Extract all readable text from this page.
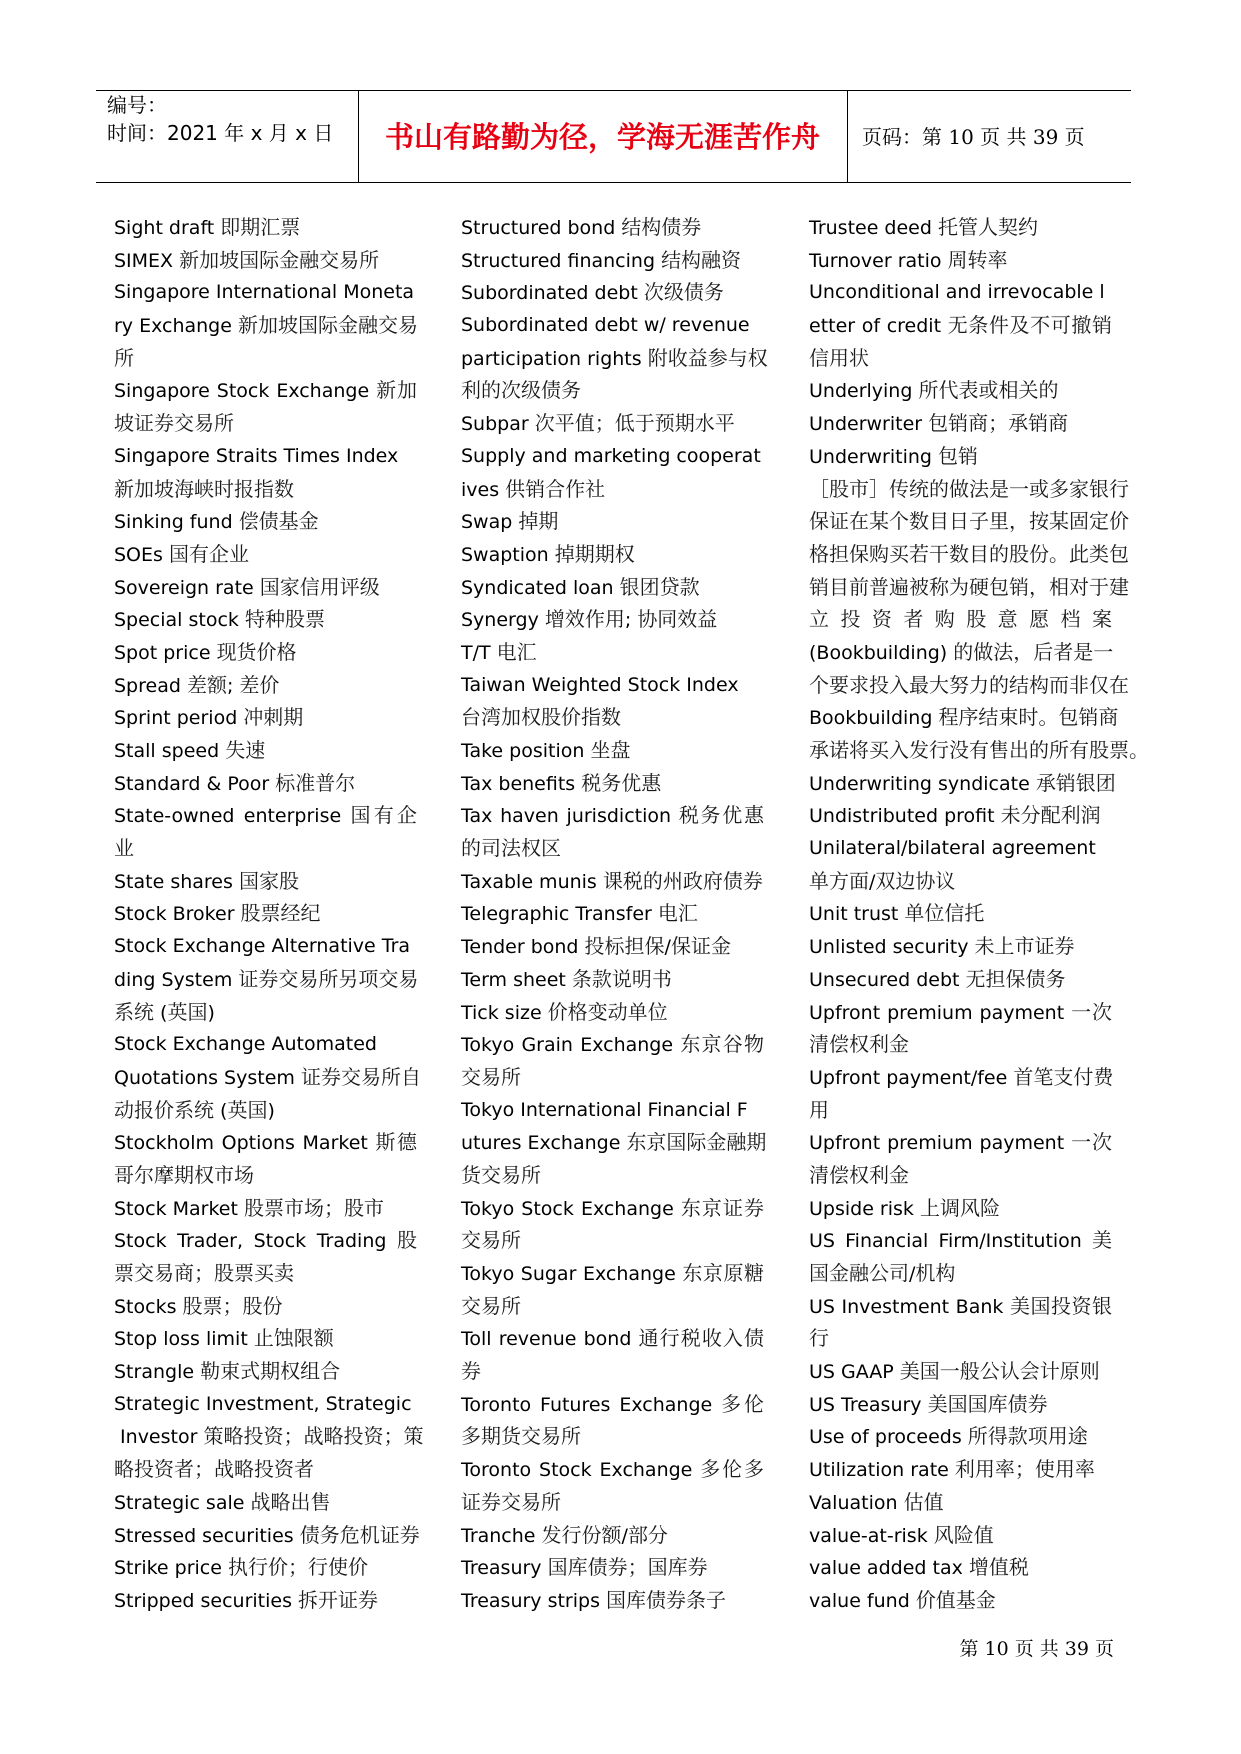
编号：
时间：2021 年 x 月 x 日	书山有路勤为径，学海无涯苦作舟	页码：第 10 页 共 39 页
Sight draft 即期汇票
SIMEX 新加坡国际金融交易所
Singapore International Moneta
ry Exchange 新加坡国际金融交易
所
Singapore Stock Exchange 新加
坡证券交易所
Singapore Straits Times Index
新加坡海峡时报指数
Sinking fund 偿债基金
SOEs 国有企业
Sovereign rate 国家信用评级
Special stock 特种股票
Spot price 现货价格
Spread 差额; 差价
Sprint period 冲刺期
Stall speed 失速
Standard & Poor 标准普尔
State-owned enterprise 国有企
业
State shares 国家股
Stock Broker 股票经纪
Stock Exchange Alternative Tra
ding System 证券交易所另项交易
系统 (英国)
Stock Exchange Automated
Quotations System 证券交易所自
动报价系统 (英国)
Stockholm Options Market 斯德
哥尔摩期权市场
Stock Market 股票市场；股市
Stock Trader, Stock Trading 股
票交易商；股票买卖
Stocks 股票；股份
Stop loss limit 止蚀限额
Strangle 勒束式期权组合
Strategic Investment, Strategic
Investor 策略投资；战略投资；策
略投资者；战略投资者
Strategic sale 战略出售
Stressed securities 债务危机证券
Strike price 执行价；行使价
Stripped securities 拆开证券
Structured bond 结构债券
Structured financing 结构融资
Subordinated debt 次级债务
Subordinated debt w/ revenue
participation rights 附收益参与权
利的次级债务
Subpar 次平值；低于预期水平
Supply and marketing cooperat
ives 供销合作社
Swap 掉期
Swaption 掉期期权
Syndicated loan 银团贷款
Synergy 增效作用; 协同效益
T/T 电汇
Taiwan Weighted Stock Index
台湾加权股价指数
Take position 坐盘
Tax benefits 税务优惠
Tax haven jurisdiction 税务优惠
的司法权区
Taxable munis 课税的州政府债券
Telegraphic Transfer 电汇
Tender bond 投标担保/保证金
Term sheet 条款说明书
Tick size 价格变动单位
Tokyo Grain Exchange 东京谷物
交易所
Tokyo International Financial F
utures Exchange 东京国际金融期
货交易所
Tokyo Stock Exchange 东京证券
交易所
Tokyo Sugar Exchange 东京原糖
交易所
Toll revenue bond 通行税收入债
券
Toronto Futures Exchange 多伦
多期货交易所
Toronto Stock Exchange 多伦多
证券交易所
Tranche 发行份额/部分
Treasury 国库债券；国库券
Treasury strips 国库债券条子
Trustee deed 托管人契约
Turnover ratio 周转率
Unconditional and irrevocable l
etter of credit 无条件及不可撤销
信用状
Underlying 所代表或相关的
Underwriter 包销商；承销商
Underwriting 包销
［股市］传统的做法是一或多家银行
保证在某个数目日子里，按某固定价
格担保购买若干数目的股份。此类包
销目前普遍被称为硬包销，相对于建
立投资者购股意愿档案
(Bookbuilding) 的做法，后者是一
个要求投入最大努力的结构而非仅在
Bookbuilding 程序结束时。包销商
承诺将买入发行没有售出的所有股票。
Underwriting syndicate 承销银团
Undistributed profit 未分配利润
Unilateral/bilateral agreement
单方面/双边协议
Unit trust 单位信托
Unlisted security 未上市证券
Unsecured debt 无担保债务
Upfront premium payment 一次
清偿权利金
Upfront payment/fee 首笔支付费
用
Upfront premium payment 一次
清偿权利金
Upside risk 上调风险
US Financial Firm/Institution 美
国金融公司/机构
US Investment Bank 美国投资银
行
US GAAP 美国一般公认会计原则
US Treasury 美国国库债券
Use of proceeds 所得款项用途
Utilization rate 利用率；使用率
Valuation 估值
value-at-risk 风险值
value added tax 增值税
value fund 价值基金
第 10 页 共 39 页
